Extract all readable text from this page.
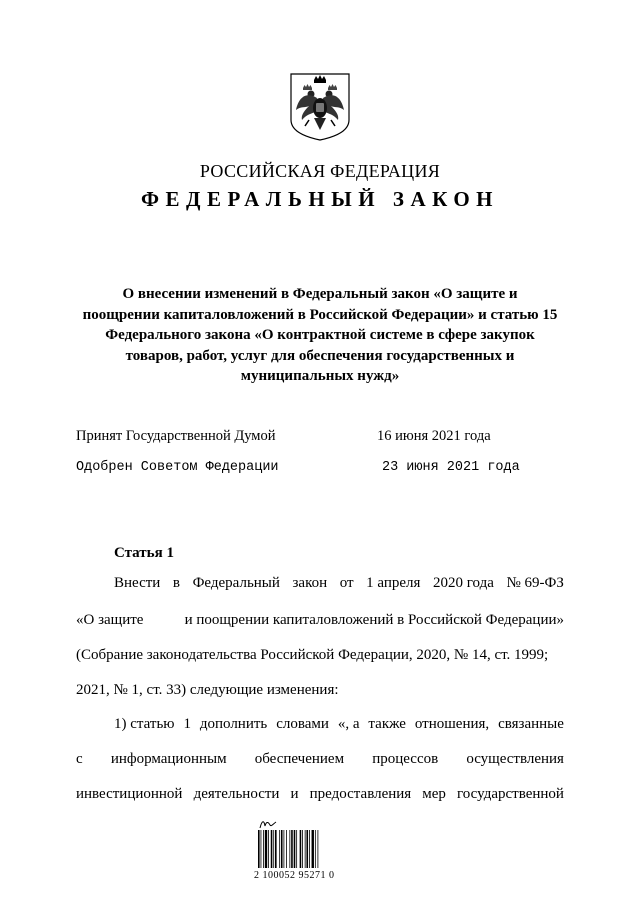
РОССИЙСКАЯ ФЕДЕРАЦИЯ
ФЕДЕРАЛЬНЫЙ ЗАКОН
О внесении изменений в Федеральный закон «О защите и
поощрении капиталовложений в Российской Федерации» и статью 15
Федерального закона «О контрактной системе в сфере закупок
товаров, работ, услуг для обеспечения государственных и
муниципальных нужд»
Принят Государственной Думой	16 июня 2021 года
Одобрен Советом Федерации	23 июня 2021 года
Статья 1
Внести в Федеральный закон от 1 апреля 2020 года № 69-ФЗ
«О защите	и поощрении капиталовложений в Российской Федерации»
(Собрание законодательства Российской Федерации, 2020, № 14, ст. 1999;
2021, № 1, ст. 33) следующие изменения:
1) статью 1 дополнить словами «, а также отношения, связанные
с информационным обеспечением процессов осуществления
инвестиционной деятельности и предоставления мер государственной
2 100052 95271 0
